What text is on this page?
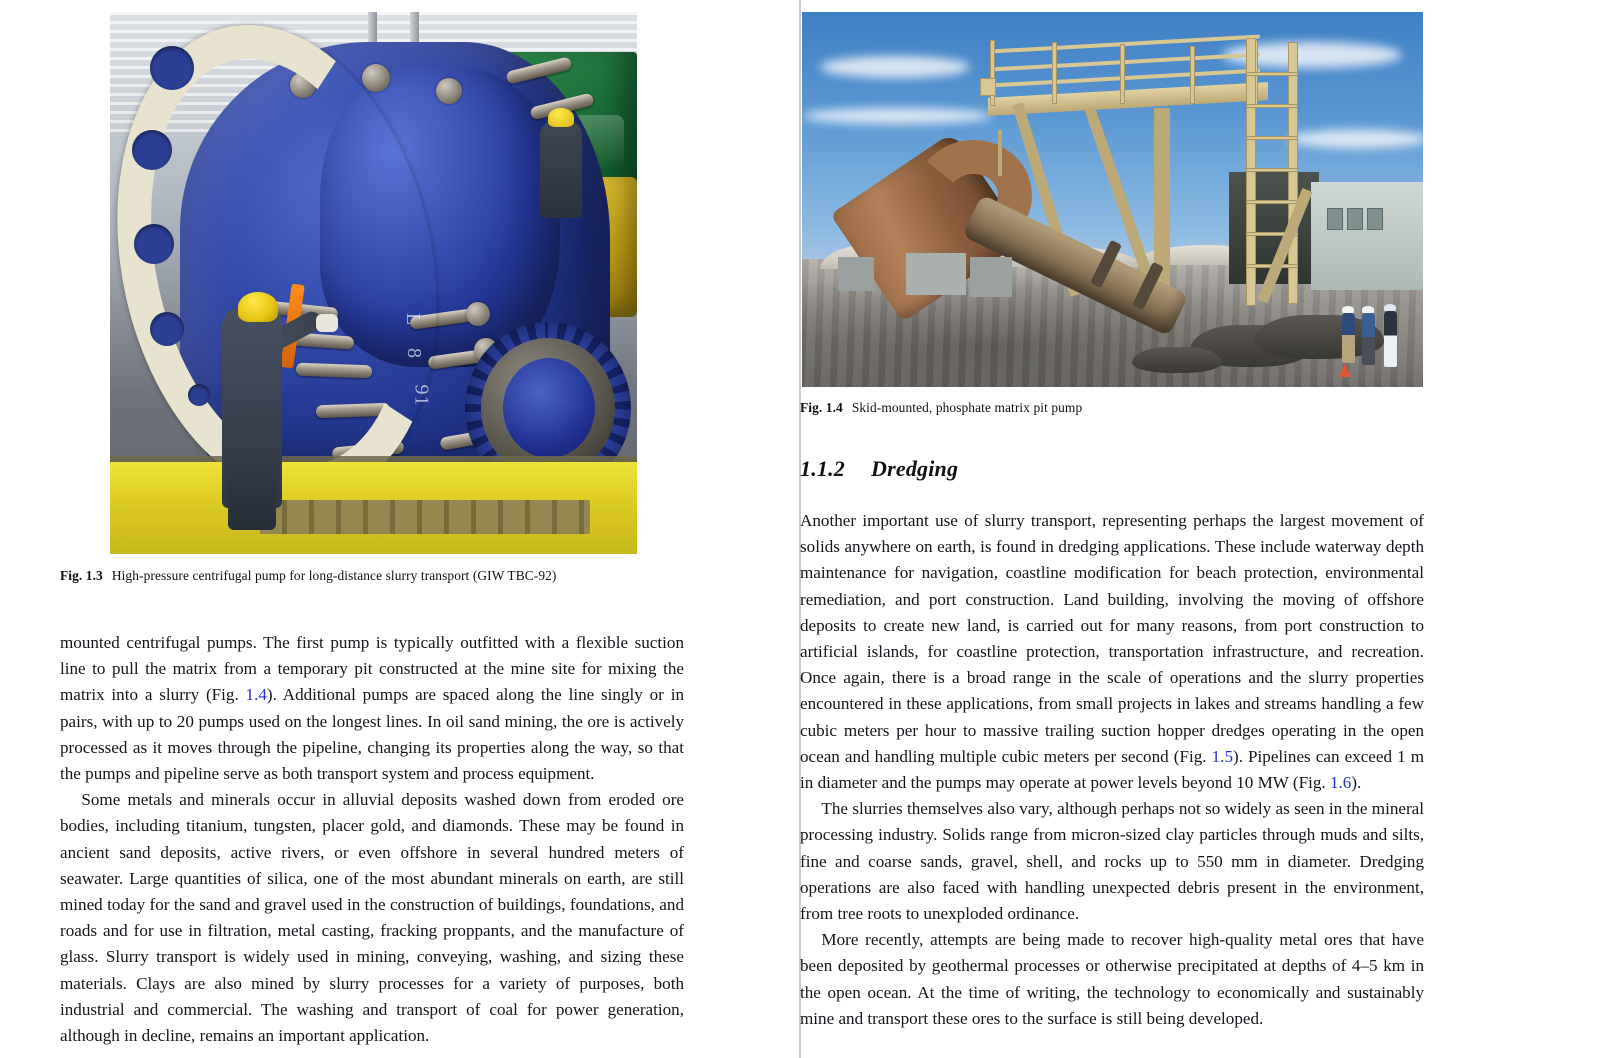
L
8
91
Fig. 1.3 High-pressure centrifugal pump for long-distance slurry transport (GIW TBC-92)

mounted centrifugal pumps. The first pump is typically outfitted with a flexible suction line to pull the matrix from a temporary pit constructed at the mine site for mixing the matrix into a slurry (Fig. 1.4). Additional pumps are spaced along the line singly or in pairs, with up to 20 pumps used on the longest lines. In oil sand mining, the ore is actively processed as it moves through the pipeline, changing its properties along the way, so that the pumps and pipeline serve as both transport system and process equipment.

Some metals and minerals occur in alluvial deposits washed down from eroded ore bodies, including titanium, tungsten, placer gold, and diamonds. These may be found in ancient sand deposits, active rivers, or even offshore in several hundred meters of seawater. Large quantities of silica, one of the most abundant minerals on earth, are still mined today for the sand and gravel used in the construction of buildings, foundations, and roads and for use in filtration, metal casting, fracking proppants, and the manufacture of glass. Slurry transport is widely used in mining, conveying, washing, and sizing these materials. Clays are also mined by slurry processes for a variety of purposes, both industrial and commercial. The washing and transport of coal for power generation, although in decline, remains an important application.

Fig. 1.4 Skid-mounted, phosphate matrix pit pump
1.1.2 Dredging

Another important use of slurry transport, representing perhaps the largest movement of solids anywhere on earth, is found in dredging applications. These include waterway depth maintenance for navigation, coastline modification for beach protection, environmental remediation, and port construction. Land building, involving the moving of offshore deposits to create new land, is carried out for many reasons, from port construction to artificial islands, for coastline protection, transportation infrastructure, and recreation. Once again, there is a broad range in the scale of operations and the slurry properties encountered in these applications, from small projects in lakes and streams handling a few cubic meters per hour to massive trailing suction hopper dredges operating in the open ocean and handling multiple cubic meters per second (Fig. 1.5). Pipelines can exceed 1 m in diameter and the pumps may operate at power levels beyond 10 MW (Fig. 1.6).

The slurries themselves also vary, although perhaps not so widely as seen in the mineral processing industry. Solids range from micron-sized clay particles through muds and silts, fine and coarse sands, gravel, shell, and rocks up to 550 mm in diameter. Dredging operations are also faced with handling unexpected debris present in the environment, from tree roots to unexploded ordinance.

More recently, attempts are being made to recover high-quality metal ores that have been deposited by geothermal processes or otherwise precipitated at depths of 4–5 km in the open ocean. At the time of writing, the technology to economically and sustainably mine and transport these ores to the surface is still being developed.
